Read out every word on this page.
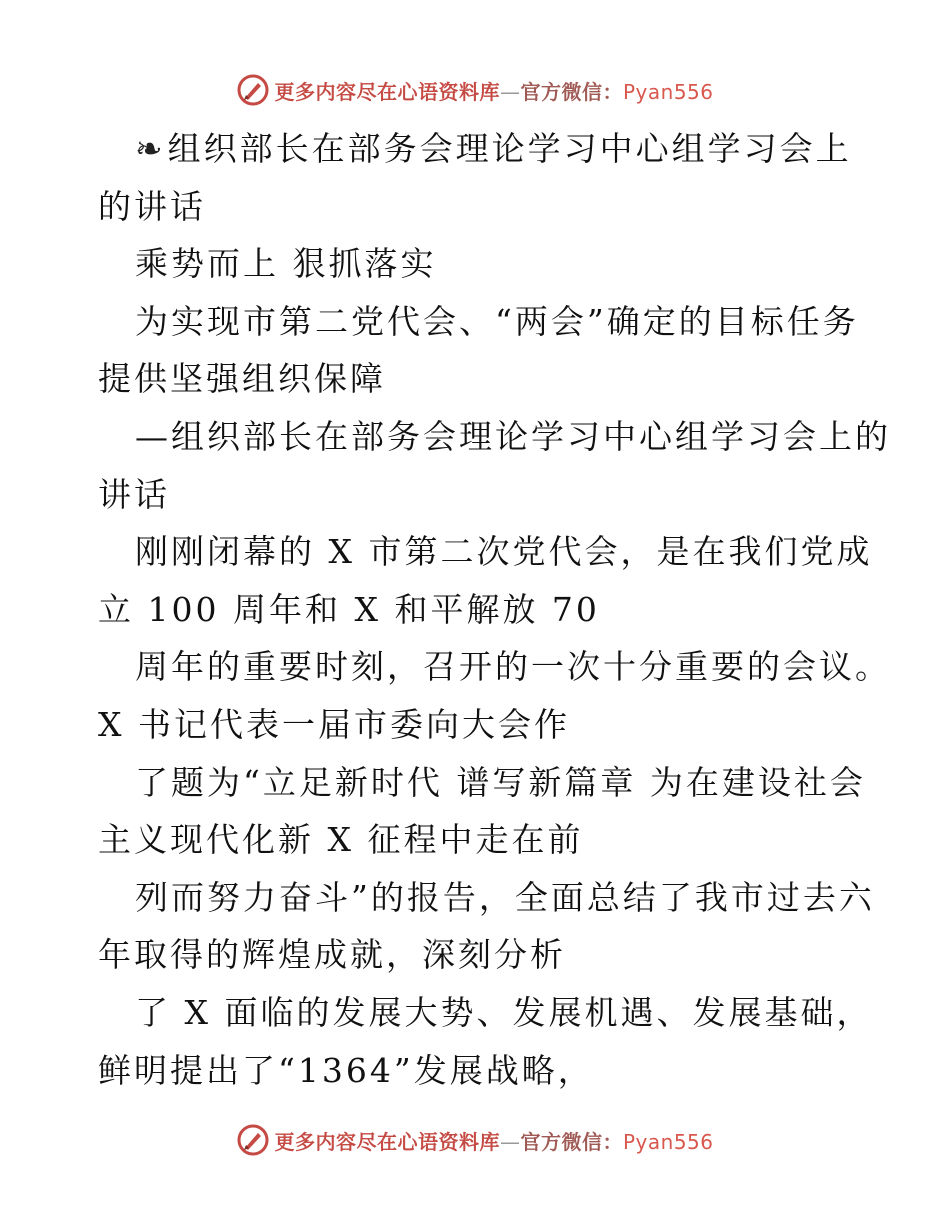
更多内容尽在心语资料库—官方微信：Pyan556
❧组织部长在部务会理论学习中心组学习会上
的讲话
乘势而上 狠抓落实
为实现市第二党代会、“两会”确定的目标任务
提供坚强组织保障
—组织部长在部务会理论学习中心组学习会上的
讲话
刚刚闭幕的 X 市第二次党代会，是在我们党成
立 100 周年和 X 和平解放 70
周年的重要时刻，召开的一次十分重要的会议。
X 书记代表一届市委向大会作
了题为“立足新时代 谱写新篇章 为在建设社会
主义现代化新 X 征程中走在前
列而努力奋斗”的报告，全面总结了我市过去六
年取得的辉煌成就，深刻分析
了 X 面临的发展大势、发展机遇、发展基础，
鲜明提出了“1364”发展战略，
更多内容尽在心语资料库—官方微信：Pyan556
